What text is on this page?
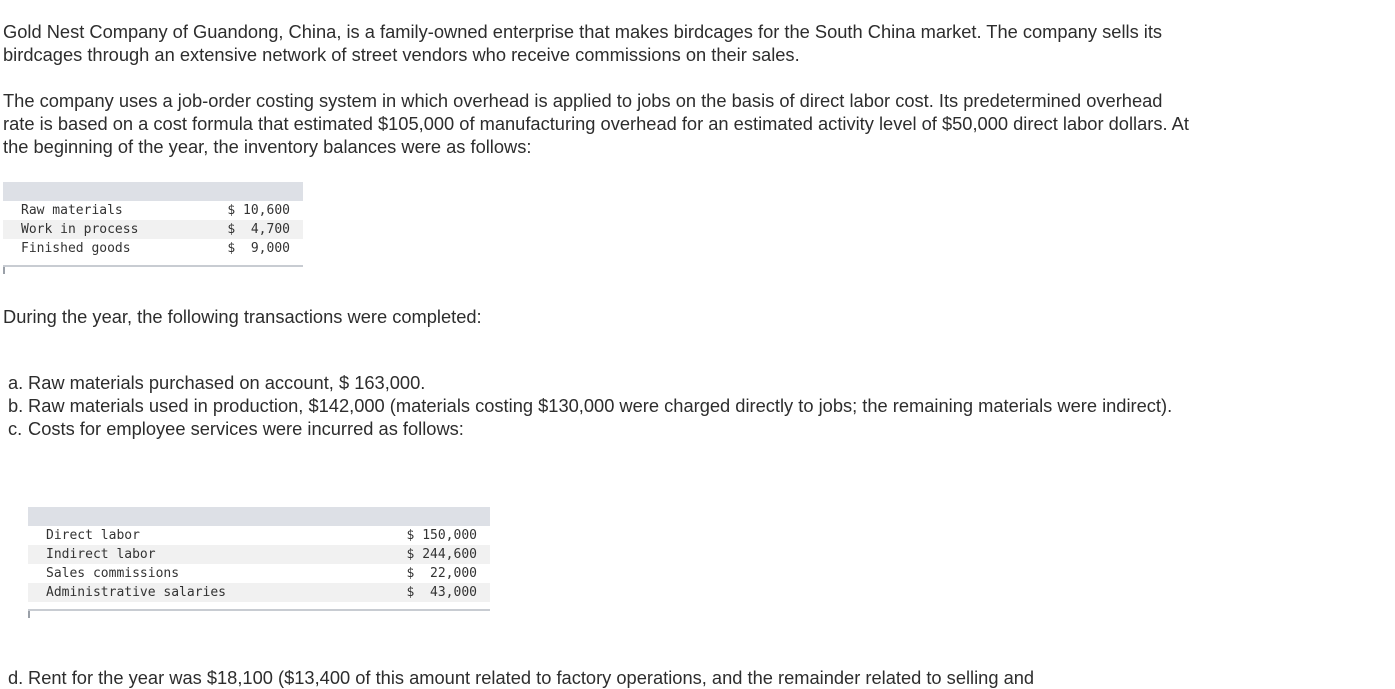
Gold Nest Company of Guandong, China, is a family-owned enterprise that makes birdcages for the South China market. The company sells its birdcages through an extensive network of street vendors who receive commissions on their sales.

The company uses a job-order costing system in which overhead is applied to jobs on the basis of direct labor cost. Its predetermined overhead rate is based on a cost formula that estimated $105,000 of manufacturing overhead for an estimated activity level of $50,000 direct labor dollars. At the beginning of the year, the inventory balances were as follows:

Raw materials	$ 10,600
Work in process	$  4,700
Finished goods	$  9,000

During the year, the following transactions were completed:

a. Raw materials purchased on account, $ 163,000.
b. Raw materials used in production, $142,000 (materials costing $130,000 were charged directly to jobs; the remaining materials were indirect).
c. Costs for employee services were incurred as follows:
Direct labor	$ 150,000
Indirect labor	$ 244,600
Sales commissions	$  22,000
Administrative salaries	$  43,000
d. Rent for the year was $18,100 ($13,400 of this amount related to factory operations, and the remainder related to selling and
